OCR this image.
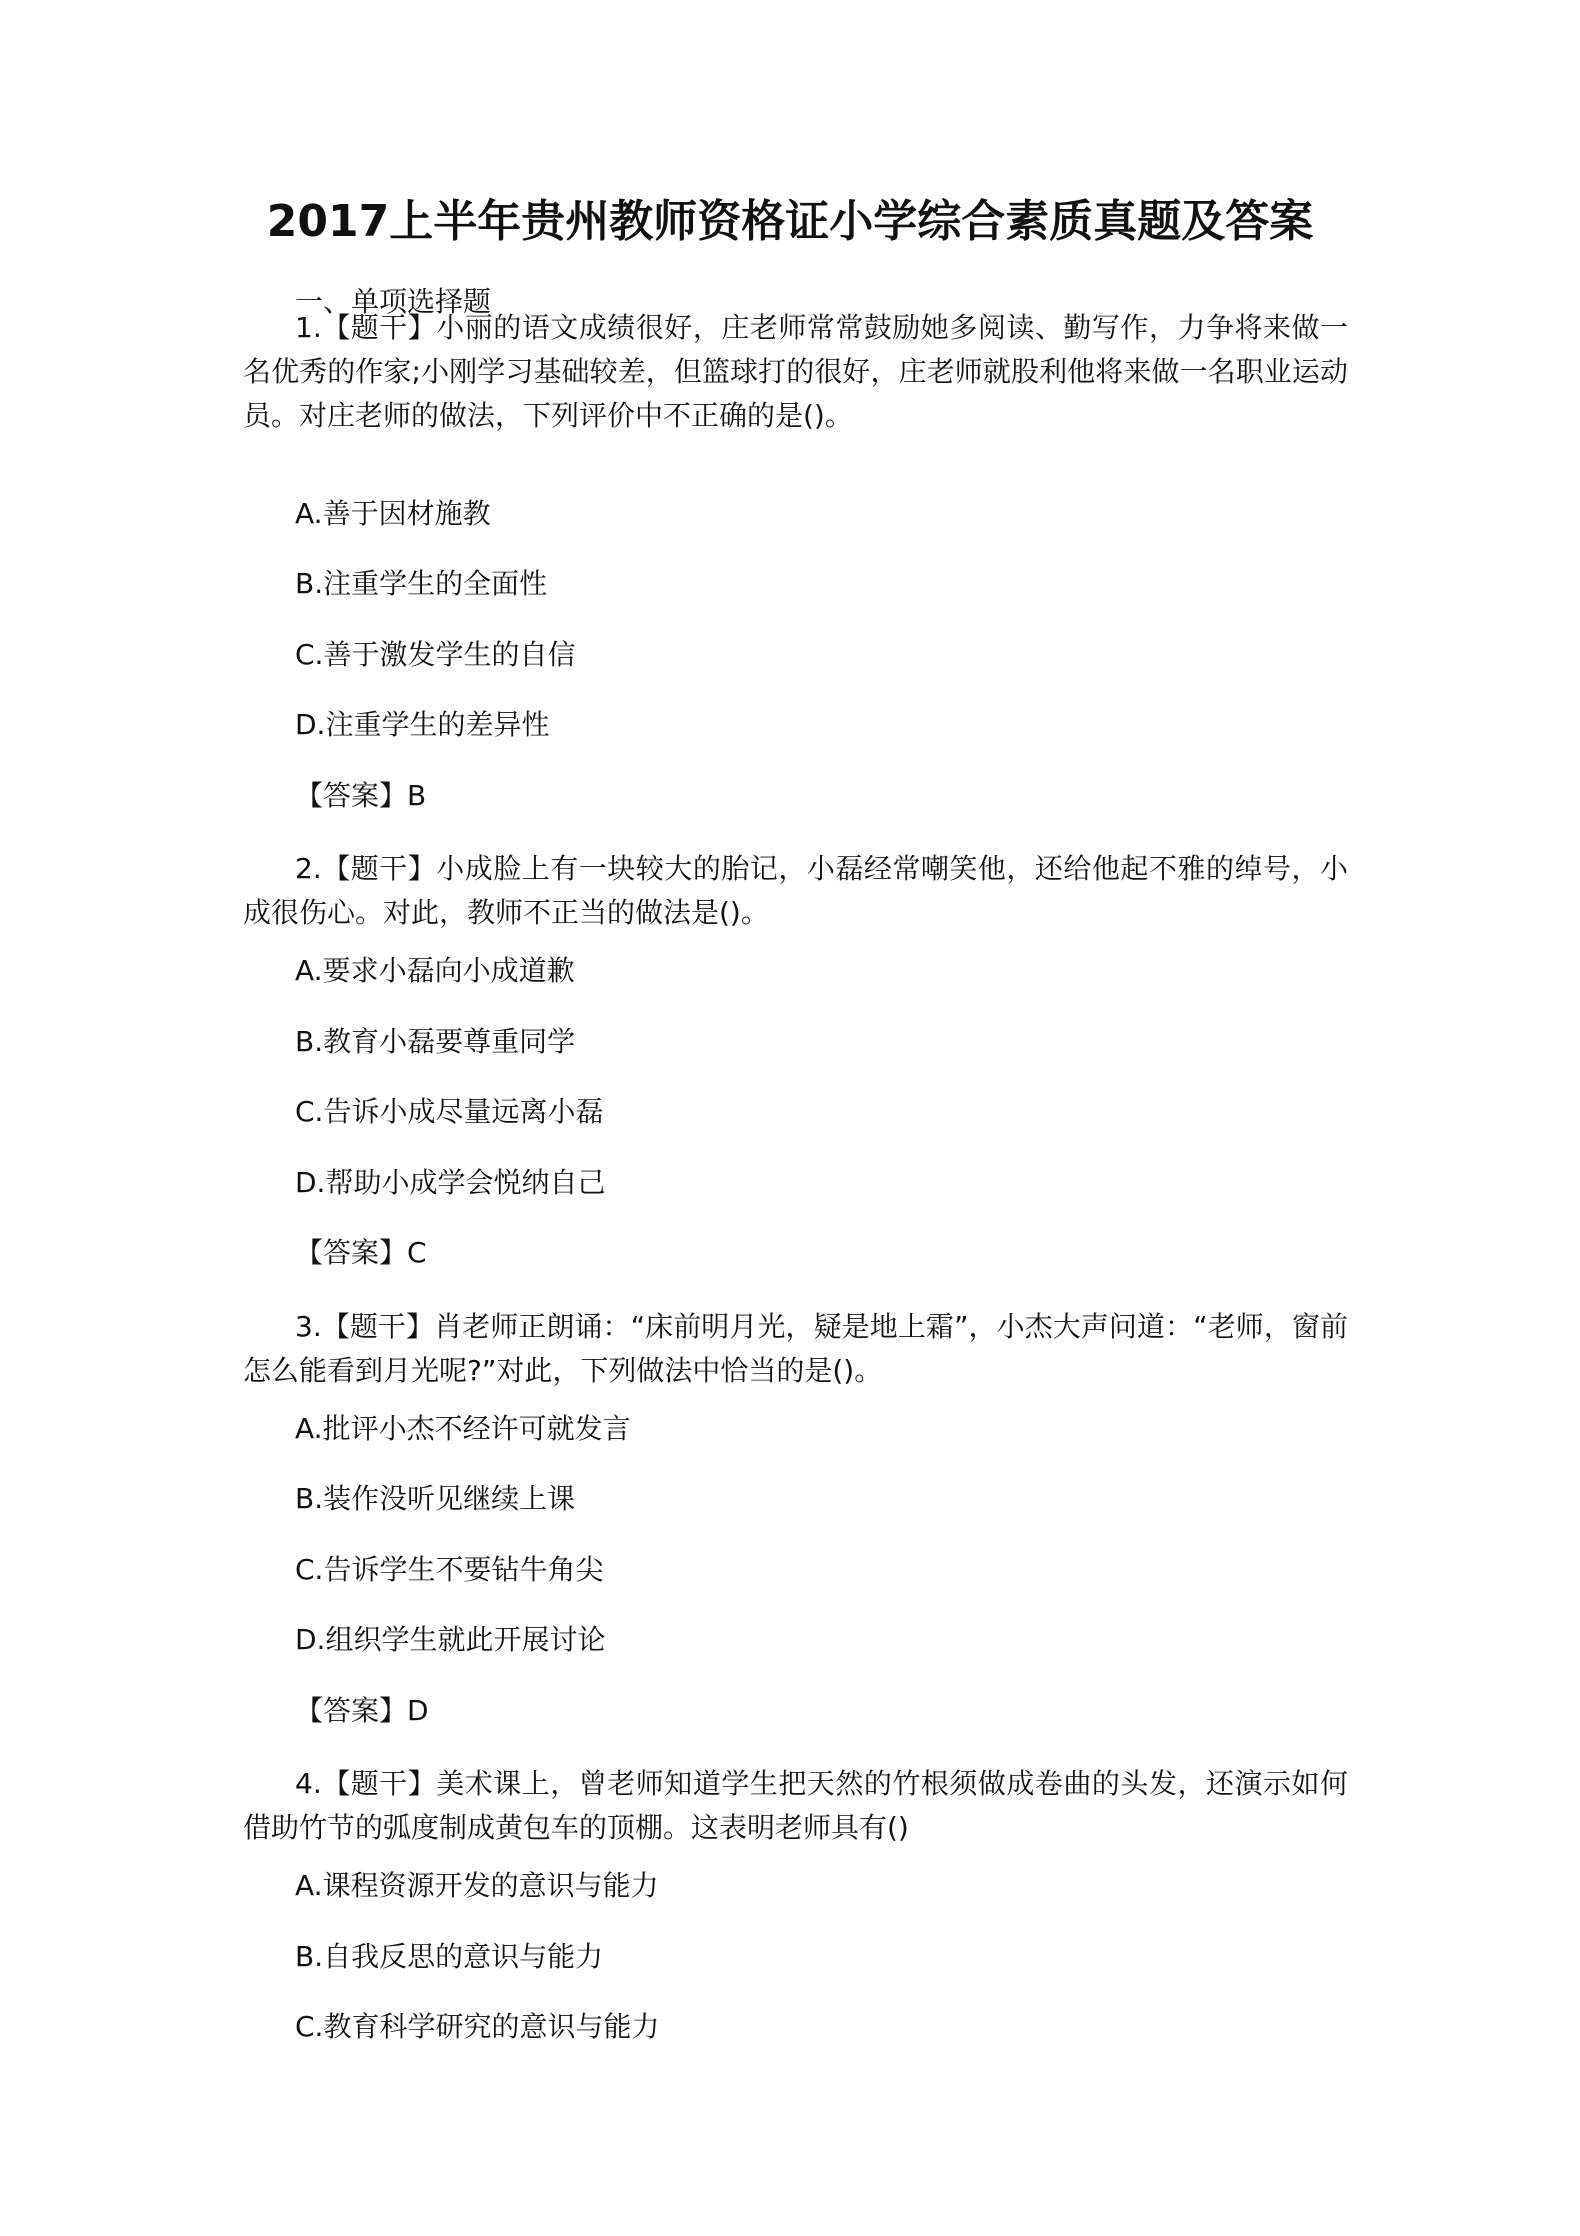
2017上半年贵州教师资格证小学综合素质真题及答案
一、单项选择题
1.【题干】小丽的语文成绩很好，庄老师常常鼓励她多阅读、勤写作，力争将来做一名优秀的作家;小刚学习基础较差，但篮球打的很好，庄老师就股利他将来做一名职业运动员。对庄老师的做法，下列评价中不正确的是()。
A.善于因材施教
B.注重学生的全面性
C.善于激发学生的自信
D.注重学生的差异性
【答案】B
2.【题干】小成脸上有一块较大的胎记，小磊经常嘲笑他，还给他起不雅的绰号，小成很伤心。对此，教师不正当的做法是()。
A.要求小磊向小成道歉
B.教育小磊要尊重同学
C.告诉小成尽量远离小磊
D.帮助小成学会悦纳自己
【答案】C
3.【题干】肖老师正朗诵：“床前明月光，疑是地上霜”，小杰大声问道：“老师，窗前怎么能看到月光呢?”对此，下列做法中恰当的是()。
A.批评小杰不经许可就发言
B.装作没听见继续上课
C.告诉学生不要钻牛角尖
D.组织学生就此开展讨论
【答案】D
4.【题干】美术课上，曾老师知道学生把天然的竹根须做成卷曲的头发，还演示如何借助竹节的弧度制成黄包车的顶棚。这表明老师具有()
A.课程资源开发的意识与能力
B.自我反思的意识与能力
C.教育科学研究的意识与能力
